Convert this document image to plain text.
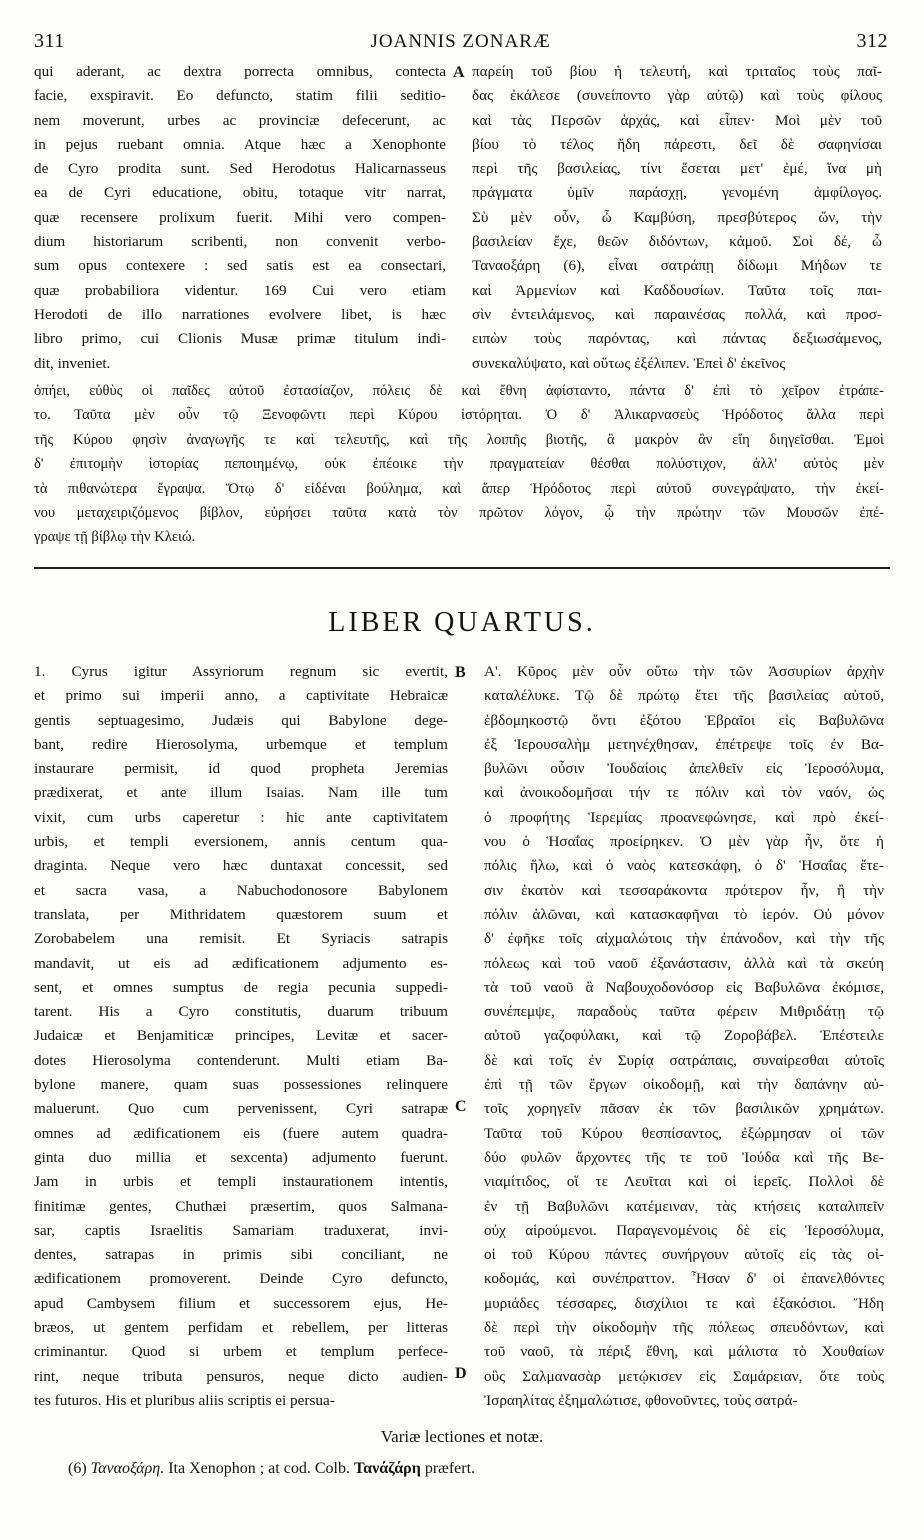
311	JOANNIS ZONARÆ	312
qui aderant, ac dextra porrecta omnibus, contecta
facie, exspiravit. Eo defuncto, statim filii seditio-
nem moverunt, urbes ac provinciæ defecerunt, ac
in pejus ruebant omnia. Atque hæc a Xenophonte
de Cyro prodita sunt. Sed Herodotus Halicarnasseus
ea de Cyri educatione, obitu, totaque vitr narrat,
quæ recensere prolixum fuerit. Mihi vero compen-
dium historiarum scribenti, non convenit verbo-
sum opus contexere : sed satis est ea consectari,
quæ probabiliora videntur. 169 Cui vero etiam
Herodoti de illo narrationes evolvere libet, is hæc
libro primo, cui Clionis Musæ primæ titulum indi-
dit, inveniet.
A παρείη τοῦ βίου ἡ τελευτή, καὶ τριταῖος τοὺς παῖ-
δας ἐκάλεσε (συνείποντο γὰρ αὐτῷ) καὶ τοὺς φίλους
καὶ τὰς Περσῶν ἀρχάς, καὶ εἶπεν· Μοὶ μὲν τοῦ
βίου τὸ τέλος ἤδη πάρεστι, δεῖ δὲ σαφηνίσαι
περὶ τῆς βασιλείας, τίνι ἔσεται μετ' ἐμέ, ἵνα μὴ
πράγματα ὑμῖν παράσχῃ, γενομένη ἀμφίλογος.
Σὺ μὲν οὖν, ὦ Καμβύση, πρεσβύτερος ὤν, τὴν
βασιλείαν ἔχε, θεῶν διδόντων, κἀμοῦ. Σοὶ δέ, ὦ
Ταναοξάρη (6), εἶναι σατράπῃ δίδωμι Μήδων τε
καὶ Ἀρμενίων καὶ Καδδουσίων. Ταῦτα τοῖς παι-
σὶν ἐντειλάμενος, καὶ παραινέσας πολλά, καὶ προσ-
ειπὼν τοὺς παρόντας, καὶ πάντας δεξιωσάμενος,
συνεκαλύψατο, καὶ οὕτως ἐξέλιπεν. Ἐπεὶ δ' ἐκεῖνος
ὀπήει, εὐθὺς οἱ παῖδες αὐτοῦ ἐστασίαζον, πόλεις δὲ καὶ ἔθνη ἀφίσταντο, πάντα δ' ἐπὶ τὸ χεῖρον ἐτράπε-
το. Ταῦτα μὲν οὖν τῷ Ξενοφῶντι περὶ Κύρου ἱστόρηται. Ὁ δ' Ἀλικαρνασεὺς Ἡρόδοτος ἄλλα περὶ
τῆς Κύρου φησὶν ἀναγωγῆς τε καὶ τελευτῆς, καὶ τῆς λοιπῆς βιοτῆς, ἃ μακρὸν ἂν εἴη διηγεῖσθαι. Ἐμοὶ
δ' ἐπιτομὴν ἱστορίας πεποιημένῳ, οὐκ ἐπέοικε τὴν πραγματείαν θέσθαι πολύστιχον, ἀλλ' αὐτὸς μὲν
τὰ πιθανώτερα ἔγραψα. Ὅτῳ δ' εἰδέναι βούλημα, καὶ ἅπερ Ἡρόδοτος περὶ αὐτοῦ συνεγράψατο, τὴν ἐκεί-
νου μεταχειριζόμενος βίβλον, εὑρήσει ταῦτα κατὰ τὸν πρῶτον λόγον, ᾧ τὴν πρώτην τῶν Μουσῶν ἐπέ-
γραψε τῇ βίβλῳ τὴν Κλειώ.
LIBER QUARTUS.
1. Cyrus igitur Assyriorum regnum sic evertit,
et primo sui imperii anno, a captivitate Hebraicæ
gentis septuagesimo, Judæis qui Babylone dege-
bant, redire Hierosolyma, urbemque et templum
instaurare permisit, id quod propheta Jeremias
prædixerat, et ante illum Isaias. Nam ille tum
vixit, cum urbs caperetur : hic ante captivitatem
urbis, et templi eversionem, annis centum qua-
draginta. Neque vero hæc duntaxat concessit, sed
et sacra vasa, a Nabuchodonosore Babylonem
translata, per Mithridatem quæstorem suum et
Zorobabelem una remisit. Et Syriacis satrapis
mandavit, ut eis ad ædificationem adjumento es-
sent, et omnes sumptus de regia pecunia suppedi-
tarent. His a Cyro constitutis, duarum tribuum
Judaicæ et Benjamiticæ principes, Levitæ et sacer-
dotes Hierosolyma contenderunt. Multi etiam Ba-
bylone manere, quam suas possessiones relinquere
maluerunt. Quo cum pervenissent, Cyri satrapæ
omnes ad ædificationem eis (fuere autem quadra-
ginta duo millia et sexcenta) adjumento fuerunt.
Jam in urbis et templi instaurationem intentis,
finitimæ gentes, Chuthæi præsertim, quos Salmana-
sar, captis Israelitis Samariam traduxerat, invi-
dentes, satrapas in primis sibi conciliant, ne
ædificationem promoverent. Deinde Cyro defuncto,
apud Cambysem filium et successorem ejus, He-
bræos, ut gentem perfidam et rebellem, per litteras
criminantur. Quod si urbem et templum perfece-
rint, neque tributa pensuros, neque dicto audien-
tes futuros. His et pluribus aliis scriptis ei persua-
B
C
D
Α'. Κῦρος μὲν οὖν οὕτω τὴν τῶν Ἀσσυρίων ἀρχὴν
καταλέλυκε. Τῷ δὲ πρώτῳ ἔτει τῆς βασιλείας αὐτοῦ,
ἑβδομηκοστῷ ὄντι ἐξότου Ἑβραῖοι εἰς Βαβυλῶνα
ἐξ Ἱερουσαλὴμ μετηνέχθησαν, ἐπέτρεψε τοῖς ἐν Βα-
βυλῶνι οὖσιν Ἰουδαίοις ἀπελθεῖν εἰς Ἱεροσόλυμα,
καὶ ἀνοικοδομῆσαι τήν τε πόλιν καὶ τὸν ναόν, ὡς
ὁ προφήτης Ἱερεμίας προανεφώνησε, καὶ πρὸ ἐκεί-
νου ὁ Ἡσαΐας προείρηκεν. Ὁ μὲν γὰρ ἦν, ὅτε ἡ
πόλις ἥλω, καὶ ὁ ναὸς κατεσκάφη, ὁ δ' Ἡσαΐας ἔτε-
σιν ἑκατὸν καὶ τεσσαράκοντα πρότερον ἦν, ἢ τὴν
πόλιν ἁλῶναι, καὶ κατασκαφῆναι τὸ ἱερόν. Οὐ μόνον
δ' ἐφῆκε τοῖς αἰχμαλώτοις τὴν ἐπάνοδον, καὶ τὴν τῆς
πόλεως καὶ τοῦ ναοῦ ἐξανάστασιν, ἀλλὰ καὶ τὰ σκεύη
τὰ τοῦ ναοῦ ἃ Ναβουχοδονόσορ εἰς Βαβυλῶνα ἐκόμισε,
συνέπεμψε, παραδοὺς ταῦτα φέρειν Μιθριδάτῃ τῷ
αὐτοῦ γαζοφύλακι, καὶ τῷ Ζοροβάβελ. Ἐπέστειλε
δὲ καὶ τοῖς ἐν Συρίᾳ σατράπαις, συναίρεσθαι αὐτοῖς
ἐπὶ τῇ τῶν ἔργων οἰκοδομῇ, καὶ τὴν δαπάνην αὐ-
τοῖς χορηγεῖν πᾶσαν ἐκ τῶν βασιλικῶν χρημάτων.
Ταῦτα τοῦ Κύρου θεσπίσαντος, ἐξώρμησαν οἱ τῶν
δύο φυλῶν ἄρχοντες τῆς τε τοῦ Ἰούδα καὶ τῆς Βε-
νιαμίτιδος, οἵ τε Λευῖται καὶ οἱ ἱερεῖς. Πολλοὶ δὲ
ἐν τῇ Βαβυλῶνι κατέμειναν, τὰς κτήσεις καταλιπεῖν
οὐχ αἱρούμενοι. Παραγενομένοις δὲ εἰς Ἱεροσόλυμα,
οἱ τοῦ Κύρου πάντες συνήργουν αὐτοῖς εἰς τὰς οἰ-
κοδομάς, καὶ συνέπραττον. Ἦσαν δ' οἱ ἐπανελθόντες
μυριάδες τέσσαρες, δισχίλιοι τε καὶ ἑξακόσιοι. Ἤδη
δὲ περὶ τὴν οἰκοδομὴν τῆς πόλεως σπευδόντων, καὶ
τοῦ ναοῦ, τὰ πέριξ ἔθνη, καὶ μάλιστα τὸ Χουθαίων
οὓς Σαλμανασὰρ μετῴκισεν εἰς Σαμάρειαν, ὅτε τοὺς
Ἰσραηλίτας ἐξημαλώτισε, φθονοῦντες, τοὺς σατρά-
Variæ lectiones et notæ.
(6) Ταναοξάρη. Ita Xenophon ; at cod. Colb. Τανάζάρη præfert.
